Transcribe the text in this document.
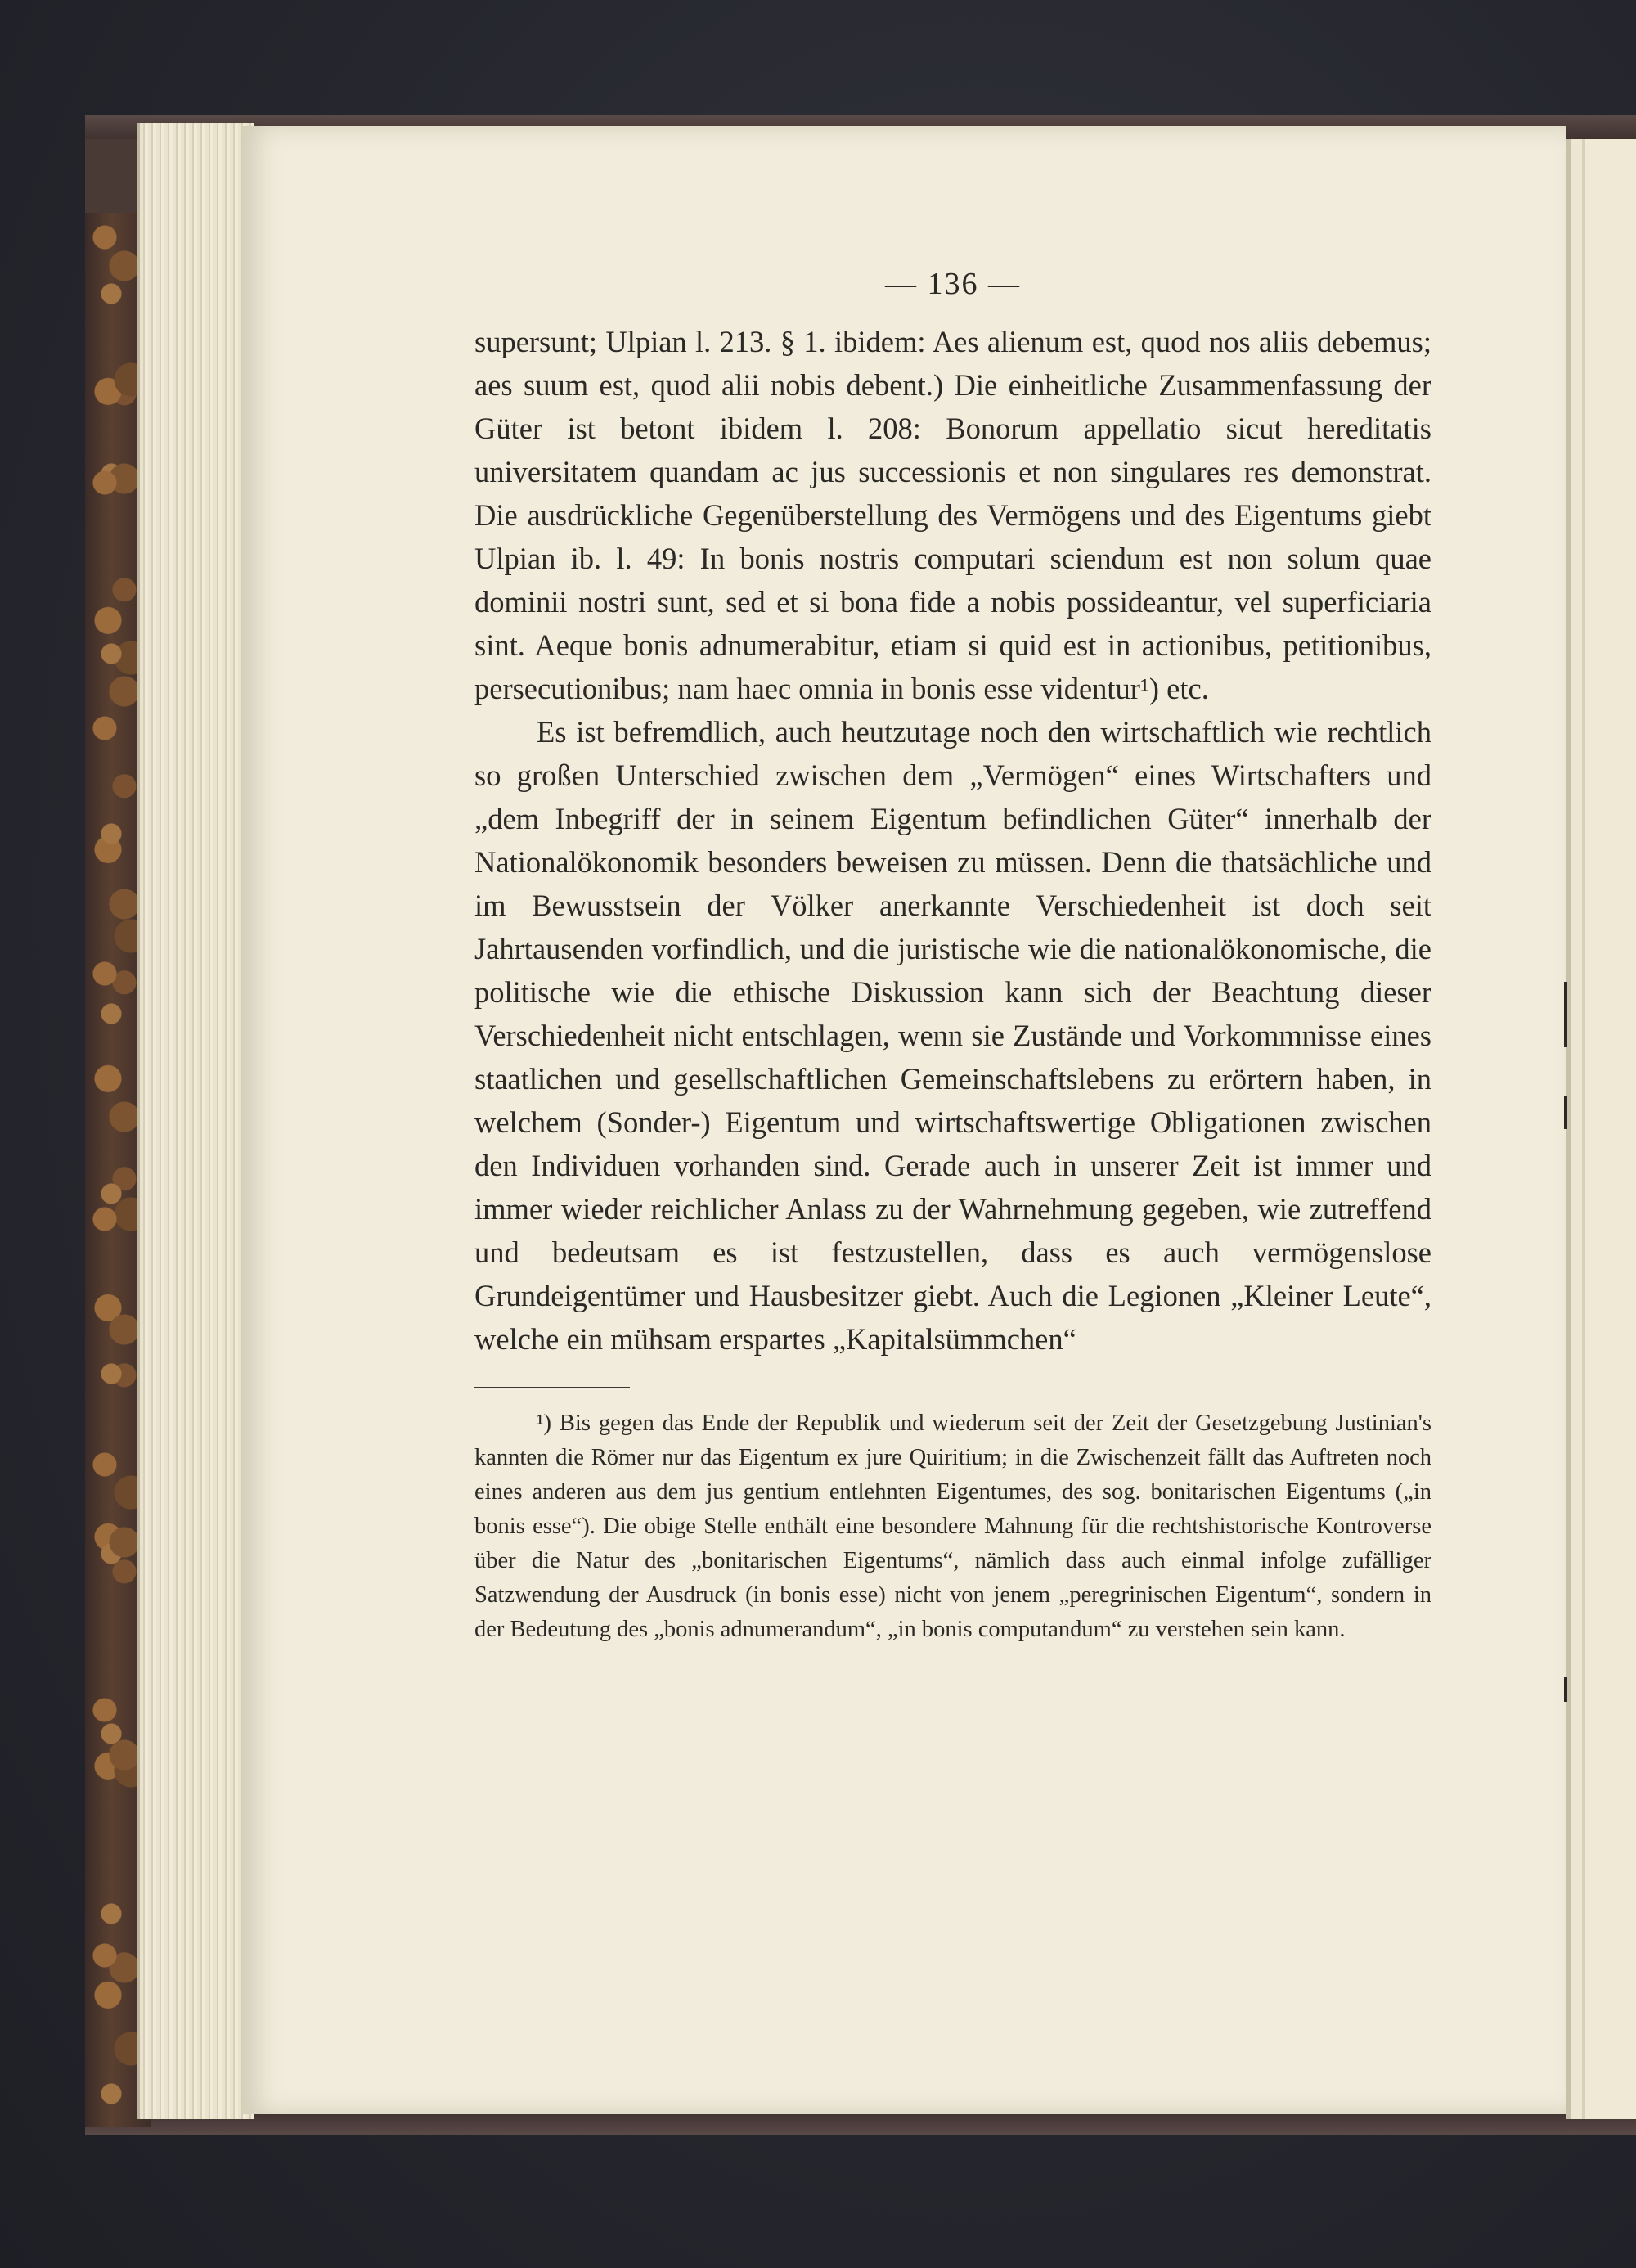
— 136 —

supersunt; Ulpian l. 213. § 1. ibidem: Aes alienum est, quod nos aliis debemus; aes suum est, quod alii nobis debent.) Die einheitliche Zusammenfassung der Güter ist betont ibidem l. 208: Bonorum appellatio sicut hereditatis universitatem quandam ac jus successionis et non singulares res demonstrat. Die ausdrückliche Gegenüberstellung des Vermögens und des Eigentums giebt Ulpian ib. l. 49: In bonis nostris computari sciendum est non solum quae dominii nostri sunt, sed et si bona fide a nobis possideantur, vel superficiaria sint. Aeque bonis adnumerabitur, etiam si quid est in actionibus, petitionibus, persecutionibus; nam haec omnia in bonis esse videntur¹) etc.

Es ist befremdlich, auch heutzutage noch den wirtschaftlich wie rechtlich so großen Unterschied zwischen dem „Vermögen“ eines Wirtschafters und „dem Inbegriff der in seinem Eigentum befindlichen Güter“ innerhalb der Nationalökonomik besonders beweisen zu müssen. Denn die thatsächliche und im Bewusstsein der Völker anerkannte Verschiedenheit ist doch seit Jahrtausenden vorfindlich, und die juristische wie die nationalökonomische, die politische wie die ethische Diskussion kann sich der Beachtung dieser Verschiedenheit nicht entschlagen, wenn sie Zustände und Vorkommnisse eines staatlichen und gesellschaftlichen Gemeinschaftslebens zu erörtern haben, in welchem (Sonder-) Eigentum und wirtschaftswertige Obligationen zwischen den Individuen vorhanden sind. Gerade auch in unserer Zeit ist immer und immer wieder reichlicher Anlass zu der Wahrnehmung gegeben, wie zutreffend und bedeutsam es ist festzustellen, dass es auch vermögenslose Grundeigentümer und Hausbesitzer giebt. Auch die Legionen „Kleiner Leute“, welche ein mühsam erspartes „Kapitalsümmchen“

¹) Bis gegen das Ende der Republik und wiederum seit der Zeit der Gesetzgebung Justinian's kannten die Römer nur das Eigentum ex jure Quiritium; in die Zwischenzeit fällt das Auftreten noch eines anderen aus dem jus gentium entlehnten Eigentumes, des sog. bonitarischen Eigentums („in bonis esse“). Die obige Stelle enthält eine besondere Mahnung für die rechtshistorische Kontroverse über die Natur des „bonitarischen Eigentums“, nämlich dass auch einmal infolge zufälliger Satzwendung der Ausdruck (in bonis esse) nicht von jenem „peregrinischen Eigentum“, sondern in der Bedeutung des „bonis adnumerandum“, „in bonis computandum“ zu verstehen sein kann.
